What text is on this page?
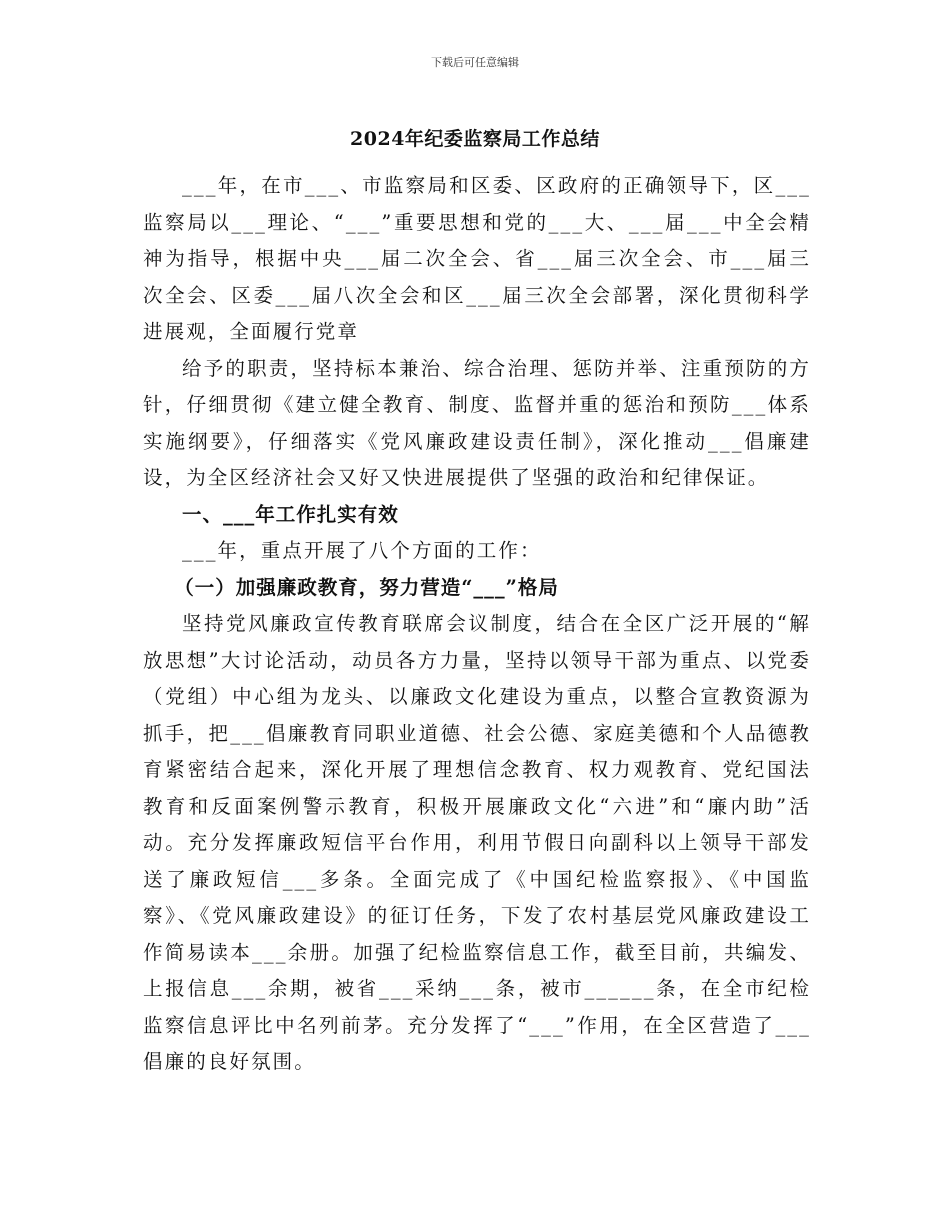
下载后可任意编辑
2024年纪委监察局工作总结

___年，在市___、市监察局和区委、区政府的正确领导下，区___监察局以___理论、“___”重要思想和党的___大、___届___中全会精神为指导，根据中央___届二次全会、省___届三次全会、市___届三次全会、区委___届八次全会和区___届三次全会部署，深化贯彻科学进展观，全面履行党章

给予的职责，坚持标本兼治、综合治理、惩防并举、注重预防的方针，仔细贯彻《建立健全教育、制度、监督并重的惩治和预防___体系实施纲要》，仔细落实《党风廉政建设责任制》，深化推动___倡廉建设，为全区经济社会又好又快进展提供了坚强的政治和纪律保证。

一、___年工作扎实有效

___年，重点开展了八个方面的工作：

（一）加强廉政教育，努力营造“___”格局

坚持党风廉政宣传教育联席会议制度，结合在全区广泛开展的“解放思想”大讨论活动，动员各方力量，坚持以领导干部为重点、以党委（党组）中心组为龙头、以廉政文化建设为重点，以整合宣教资源为抓手，把___倡廉教育同职业道德、社会公德、家庭美德和个人品德教育紧密结合起来，深化开展了理想信念教育、权力观教育、党纪国法教育和反面案例警示教育，积极开展廉政文化“六进”和“廉内助”活动。充分发挥廉政短信平台作用，利用节假日向副科以上领导干部发送了廉政短信___多条。全面完成了《中国纪检监察报》、《中国监察》、《党风廉政建设》的征订任务，下发了农村基层党风廉政建设工作简易读本___余册。加强了纪检监察信息工作，截至目前，共编发、上报信息___余期，被省___采纳___条，被市______条，在全市纪检监察信息评比中名列前茅。充分发挥了“___”作用，在全区营造了___倡廉的良好氛围。
